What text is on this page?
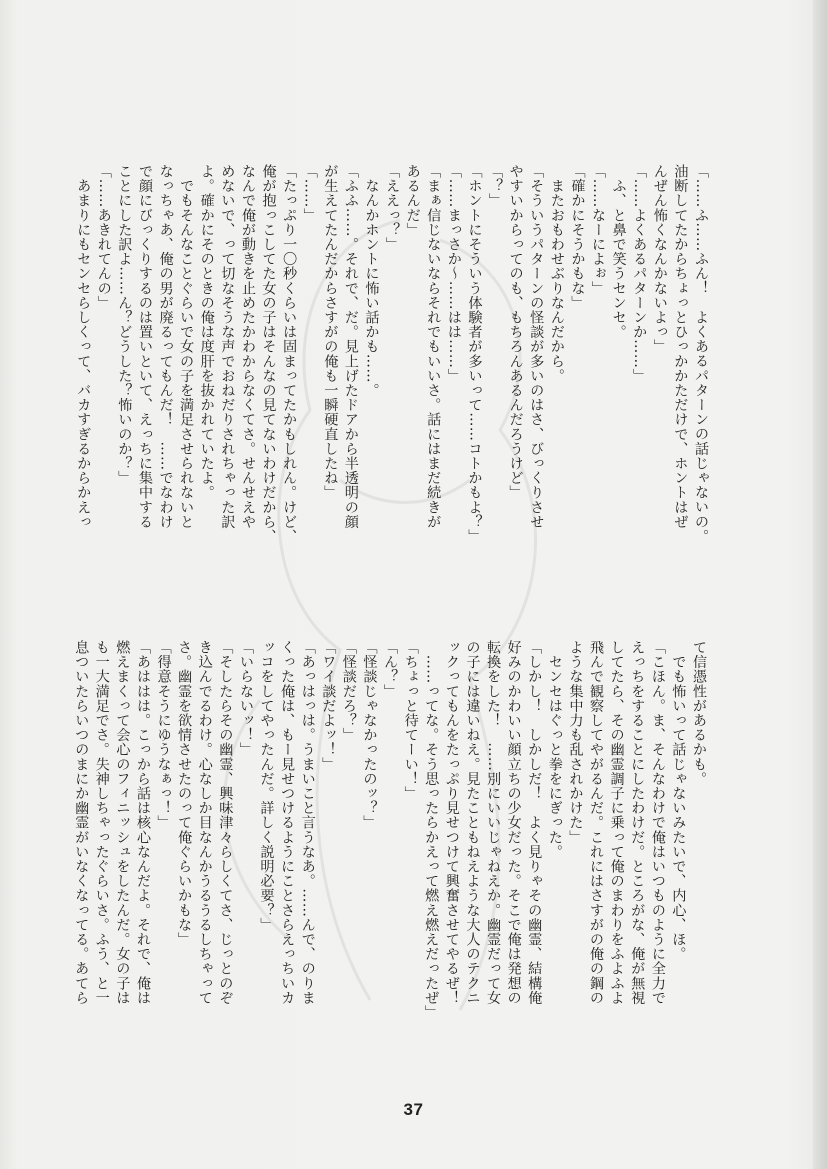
「……ふ……ふん！　よくあるパターンの話じゃないの。
油断してたからちょっとひっかかただけで、ホントはぜ
んぜん怖くなんかないよっ」
「……よくあるパターンか……」
　ふ、と鼻で笑うセンセ。
「……なーによぉ」
「確かにそうかもな」
　またおもわせぶりなんだから。
「そういうパターンの怪談が多いのはさ、びっくりさせ
やすいからってのも、もちろんあるんだろうけど」
「？」
「ホントにそういう体験者が多いって……コトかもよ？」
「……まっさか～……はは……」
「まぁ信じないならそれでもいいさ。話にはまだ続きが
あるんだ」
「ええっ？」
　なんかホントに怖い話かも……。
「ふふ……。それで、だ。見上げたドアから半透明の顔
が生えてたんだからさすがの俺も一瞬硬直したね」
「……」
「たっぷり一〇秒くらいは固まってたかもしれん。けど、
俺が抱っこしてた女の子はそんなの見てないわけだから、
なんで俺が動きを止めたかわからなくてさ。せんせえや
めないで、って切なそうな声でおねだりされちゃった訳
よ。確かにそのときの俺は度肝を抜かれていたよ。
　でもそんなことぐらいで女の子を満足させられないと
なっちゃあ、俺の男が廃るってもんだ！　……でなわけ
で顔にびっくりするのは置いといて、えっちに集中する
ことにした訳よ……ん？どうした？怖いのか？」
「……あきれてんの」
　あまりにもセンセらしくって、バカすぎるからかえっ
て信憑性があるかも。
　でも怖いって話じゃないみたいで、内心、ほ。
「こほん。ま、そんなわけで俺はいつものように全力で
えっちをすることにしたわけだ。ところがな、俺が無視
してたら、その幽霊調子に乗って俺のまわりをふよふよ
飛んで観察してやがるんだ。これにはさすがの俺の鋼の
ような集中力も乱されかけた」
　センセはぐっと拳をにぎった。
「しかし！　しかしだ！　よく見りゃその幽霊、結構俺
好みのかわいい顔立ちの少女だった。そこで俺は発想の
転換をした！　……別にいいじゃねえか。幽霊だって女
の子には違いねえ。見たこともねえような大人のテクニ
ックってもんをたっぷり見せつけて興奮させてやるぜ！
　……ってな。そう思ったらかえって燃え燃えだったぜ」
「ちょっと待てーい！」
「ん？」
「怪談じゃなかったのッ？」
「怪談だろ？」
「ワイ談だよッ！」
「あっはっは。うまいこと言うなあ。……んで、のりま
くった俺は、もー見せつけるようにことさらえっちいカ
ッコをしてやったんだ。詳しく説明必要？」
「いらないッ！」
「そしたらその幽霊、興味津々らしくてさ、じっとのぞ
き込んでるわけ。心なしか目なんかうるうるしちゃって
さ。幽霊を欲情させたのって俺ぐらいかもな」
「得意そうにゆうなぁっ！」
「あははは。こっから話は核心なんだよ。それで、俺は
燃えまくって会心のフィニッシュをしたんだ。女の子は
も一大満足でさ。失神しちゃったぐらいさ。ふう、と一
息ついたらいつのまにか幽霊がいなくなってる。あてら
37
